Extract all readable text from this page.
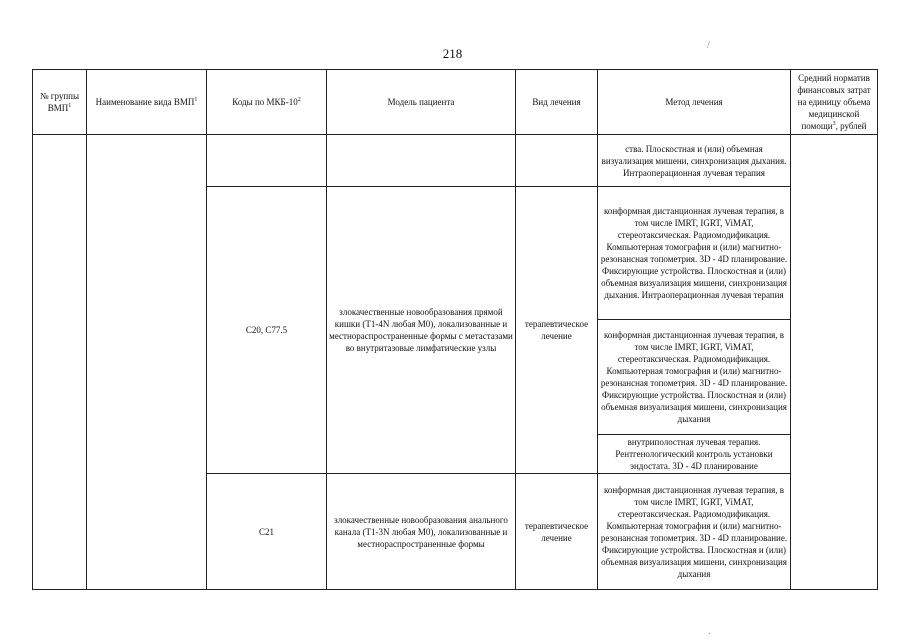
218
/
.
№ группы ВМП$^1$	Наименование вида ВМП$^1$	Коды по МКБ-$10^2$	Модель пациента	Вид лечения	Метод лечения	Средний норматив финансовых затрат на единицу объема медицинской помощи$^3$, рублей
					ства. Плоскостная и (или) объемная визуализация мишени, синхронизация дыхания. Интраоперационная лучевая терапия	
		C20, C77.5	злокачественные новообразования прямой кишки (T1-4N любая M0), локализованные и местнораспространенные формы с метастазами во внутритазовые лимфатические узлы	терапевтическое лечение	конформная дистанционная лучевая терапия, в том числе IMRT, IGRT, ViMAT, стереотаксическая. Радиомодификация. Компьютерная томография и (или) магнитно-резонансная топометрия. 3D - 4D планирование. Фиксирующие устройства. Плоскостная и (или) объемная визуализация мишени, синхронизация дыхания. Интраоперационная лучевая терапия	
					конформная дистанционная лучевая терапия, в том числе IMRT, IGRT, ViMAT, стереотаксическая. Радиомодификация. Компьютерная томография и (или) магнитно-резонансная топометрия. 3D - 4D планирование. Фиксирующие устройства. Плоскостная и (или) объемная визуализация мишени, синхронизация дыхания	
					внутриполостная лучевая терапия. Рентгенологический контроль установки эндостата. 3D - 4D планирование	
		C21	злокачественные новообразования анального канала (T1-3N любая M0), локализованные и местнораспространенные формы	терапевтическое лечение	конформная дистанционная лучевая терапия, в том числе IMRT, IGRT, ViMAT, стереотаксическая. Радиомодификация. Компьютерная томография и (или) магнитно-резонансная топометрия. 3D - 4D планирование. Фиксирующие устройства. Плоскостная и (или) объемная визуализация мишени, синхронизация дыхания	
